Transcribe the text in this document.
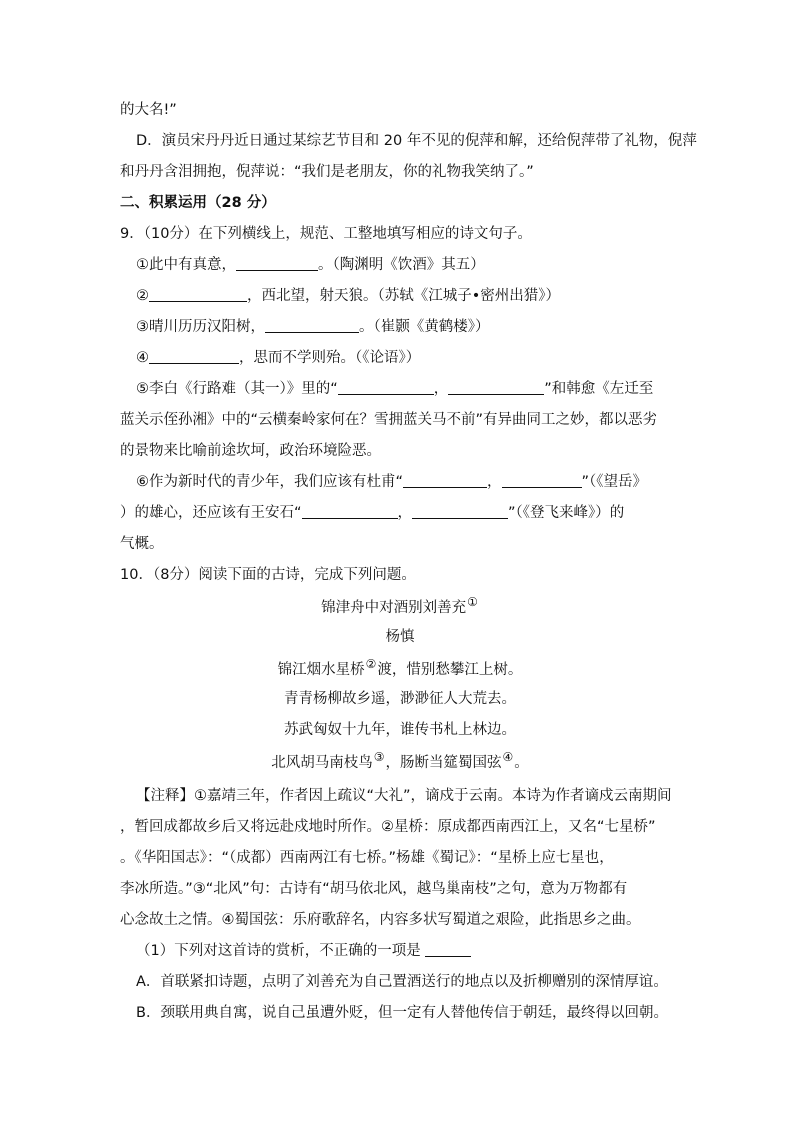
的大名!”
D．演员宋丹丹近日通过某综艺节目和 20 年不见的倪萍和解，还给倪萍带了礼物，倪萍
和丹丹含泪拥抱，倪萍说：“我们是老朋友，你的礼物我笑纳了。”
二、积累运用（28 分）
9．（10分）在下列横线上，规范、工整地填写相应的诗文句子。
①此中有真意，	。（陶渊明《饮酒》其五）
②	，西北望，射天狼。（苏轼《江城子•密州出猎》）
③晴川历历汉阳树，	。（崔颢《黄鹤楼》）
④	，思而不学则殆。（《论语》）
⑤李白《行路难（其一）》里的“	，	”和韩愈《左迁至
蓝关示侄孙湘》中的“云横秦岭家何在？雪拥蓝关马不前”有异曲同工之妙，都以恶劣
的景物来比喻前途坎坷，政治环境险恶。
⑥作为新时代的青少年，我们应该有杜甫“	，	”（《望岳》
）的雄心，还应该有王安石“	，	”（《登飞来峰》）的
气概。
10．（8分）阅读下面的古诗，完成下列问题。
锦津舟中对酒别刘善充①
杨慎
锦江烟水星桥②渡，惜别愁攀江上树。
青青杨柳故乡遥，渺渺征人大荒去。
苏武匈奴十九年，谁传书札上林边。
北风胡马南枝鸟③，肠断当筵蜀国弦④。
【注释】①嘉靖三年，作者因上疏议“大礼”，谪戍于云南。本诗为作者谪戍云南期间
，暂回成都故乡后又将远赴戍地时所作。②星桥：原成都西南西江上，又名“七星桥”
。《华阳国志》：“（成都）西南两江有七桥。”杨雄《蜀记》：“星桥上应七星也，
李冰所造。”③“北风”句：古诗有“胡马依北风，越鸟巢南枝”之句，意为万物都有
心念故土之情。④蜀国弦：乐府歌辞名，内容多状写蜀道之艰险，此指思乡之曲。
（1）下列对这首诗的赏析，不正确的一项是
A．首联紧扣诗题，点明了刘善充为自己置酒送行的地点以及折柳赠别的深情厚谊。
B．颈联用典自寓，说自己虽遭外贬，但一定有人替他传信于朝廷，最终得以回朝。
